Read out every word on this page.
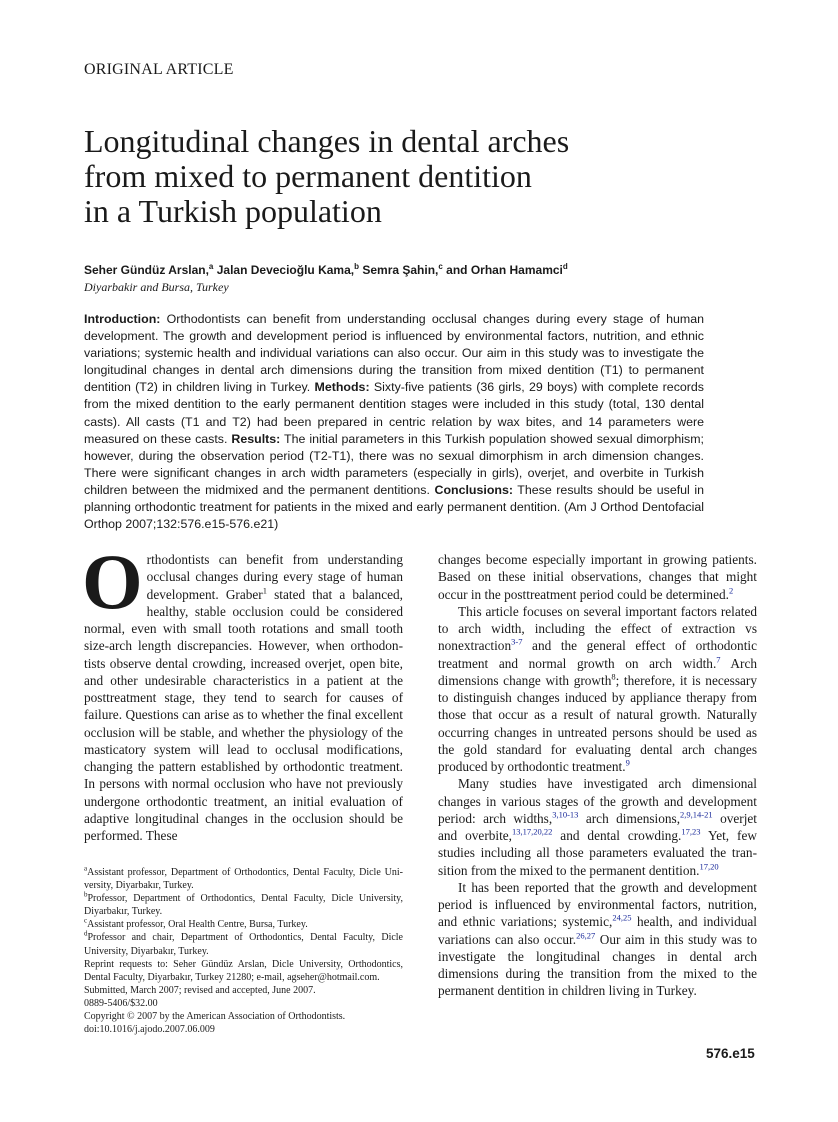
ORIGINAL ARTICLE
Longitudinal changes in dental arches
from mixed to permanent dentition
in a Turkish population
Seher Gündüz Arslan,$^a$ Jalan Devecioğlu Kama,$^b$ Semra Şahin,$^c$ and Orhan Hamamci$^d$
Diyarbakir and Bursa, Turkey
Introduction: Orthodontists can benefit from understanding occlusal changes during every stage of human development. The growth and development period is influenced by environmental factors, nutrition, and ethnic variations; systemic health and individual variations can also occur. Our aim in this study was to investigate the longitudinal changes in dental arch dimensions during the transition from mixed dentition (T1) to permanent dentition (T2) in children living in Turkey. Methods: Sixty-five patients (36 girls, 29 boys) with complete records from the mixed dentition to the early permanent dentition stages were included in this study (total, 130 dental casts). All casts (T1 and T2) had been prepared in centric relation by wax bites, and 14 parameters were measured on these casts. Results: The initial parameters in this Turkish population showed sexual dimorphism; however, during the observation period (T2-T1), there was no sexual dimorphism in arch dimension changes. There were significant changes in arch width parameters (especially in girls), overjet, and overbite in Turkish children between the midmixed and the permanent dentitions. Conclusions: These results should be useful in planning orthodontic treatment for patients in the mixed and early permanent dentition. (Am J Orthod Dentofacial Orthop 2007;132:576.e15-576.e21)
O rthodontists can benefit from understanding occlusal changes during every stage of human development. Graber$^1$ stated that a balanced, healthy, stable occlusion could be considered normal, even with small tooth rotations and small tooth size-arch length discrepancies. However, when orthodontists observe dental crowding, increased overjet, open bite, and other undesirable characteristics in a patient at the posttreatment stage, they tend to search for causes of failure. Questions can arise as to whether the final excellent occlusion will be stable, and whether the physiology of the masticatory system will lead to occlusal modifications, changing the pattern established by orthodontic treatment. In persons with normal occlusion who have not previously undergone orthodontic treatment, an initial evaluation of adaptive longitudinal changes in the occlusion should be performed. These

changes become especially important in growing patients. Based on these initial observations, changes that might occur in the posttreatment period could be determined.$^2$

This article focuses on several important factors related to arch width, including the effect of extraction vs nonextraction$^{3-7}$ and the general effect of orthodontic treatment and normal growth on arch width.$^7$ Arch dimensions change with growth$^8$; therefore, it is necessary to distinguish changes induced by appliance therapy from those that occur as a result of natural growth. Naturally occurring changes in untreated persons should be used as the gold standard for evaluating dental arch changes produced by orthodontic treatment.$^9$

Many studies have investigated arch dimensional changes in various stages of the growth and development period: arch widths,$^{3,10-13}$ arch dimensions,$^{2,9,14-21}$ overjet and overbite,$^{13,17,20,22}$ and dental crowding.$^{17,23}$ Yet, few studies including all those parameters evaluated the transition from the mixed to the permanent dentition.$^{17,20}$

It has been reported that the growth and development period is influenced by environmental factors, nutrition, and ethnic variations; systemic,$^{24,25}$ health, and individual variations can also occur.$^{26,27}$ Our aim in this study was to investigate the longitudinal changes in dental arch dimensions during the transition from the mixed to the permanent dentition in children living in Turkey.

$^a$Assistant professor, Department of Orthodontics, Dental Faculty, Dicle University, Diyarbakır, Turkey.

$^b$Professor, Department of Orthodontics, Dental Faculty, Dicle University, Diyarbakır, Turkey.

$^c$Assistant professor, Oral Health Centre, Bursa, Turkey.

$^d$Professor and chair, Department of Orthodontics, Dental Faculty, Dicle University, Diyarbakır, Turkey.

Reprint requests to: Seher Gündüz Arslan, Dicle University, Orthodontics, Dental Faculty, Diyarbakır, Turkey 21280; e-mail, agseher@hotmail.com.

Submitted, March 2007; revised and accepted, June 2007.

0889-5406/$32.00

Copyright © 2007 by the American Association of Orthodontists.

doi:10.1016/j.ajodo.2007.06.009

576.e15
